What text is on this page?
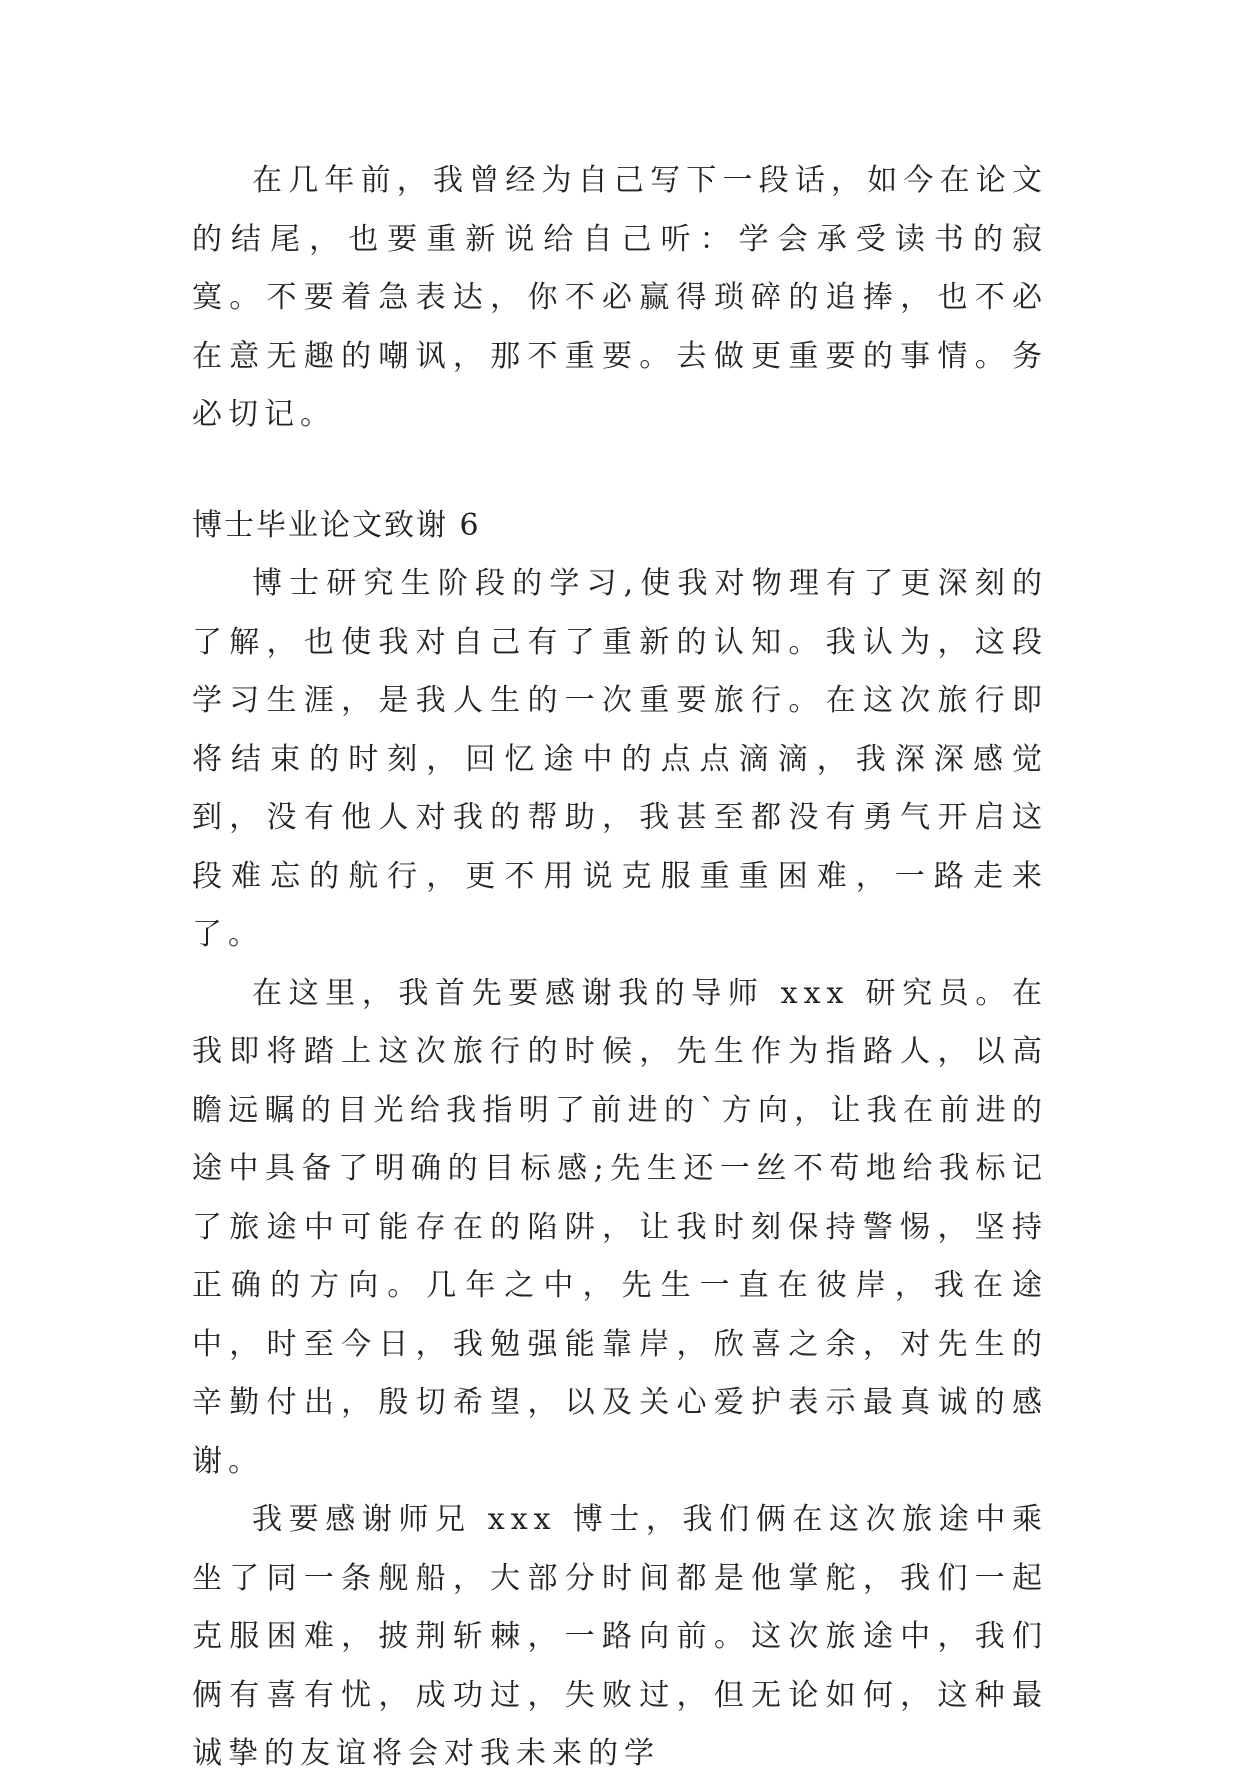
在几年前，我曾经为自己写下一段话，如今在论文的结尾，也要重新说给自己听：学会承受读书的寂寞。不要着急表达，你不必赢得琐碎的追捧，也不必在意无趣的嘲讽，那不重要。去做更重要的事情。务必切记。

博士毕业论文致谢 6

博士研究生阶段的学习,使我对物理有了更深刻的了解，也使我对自己有了重新的认知。我认为，这段学习生涯，是我人生的一次重要旅行。在这次旅行即将结束的时刻，回忆途中的点点滴滴，我深深感觉到，没有他人对我的帮助，我甚至都没有勇气开启这段难忘的航行，更不用说克服重重困难，一路走来了。

在这里，我首先要感谢我的导师 xxx 研究员。在我即将踏上这次旅行的时候，先生作为指路人，以高瞻远瞩的目光给我指明了前进的`方向，让我在前进的途中具备了明确的目标感;先生还一丝不苟地给我标记了旅途中可能存在的陷阱，让我时刻保持警惕，坚持正确的方向。几年之中，先生一直在彼岸，我在途中，时至今日，我勉强能靠岸，欣喜之余，对先生的辛勤付出，殷切希望，以及关心爱护表示最真诚的感谢。

我要感谢师兄 xxx 博士，我们俩在这次旅途中乘坐了同一条舰船，大部分时间都是他掌舵，我们一起克服困难，披荆斩棘，一路向前。这次旅途中，我们俩有喜有忧，成功过，失败过，但无论如何，这种最诚挚的友谊将会对我未来的学
